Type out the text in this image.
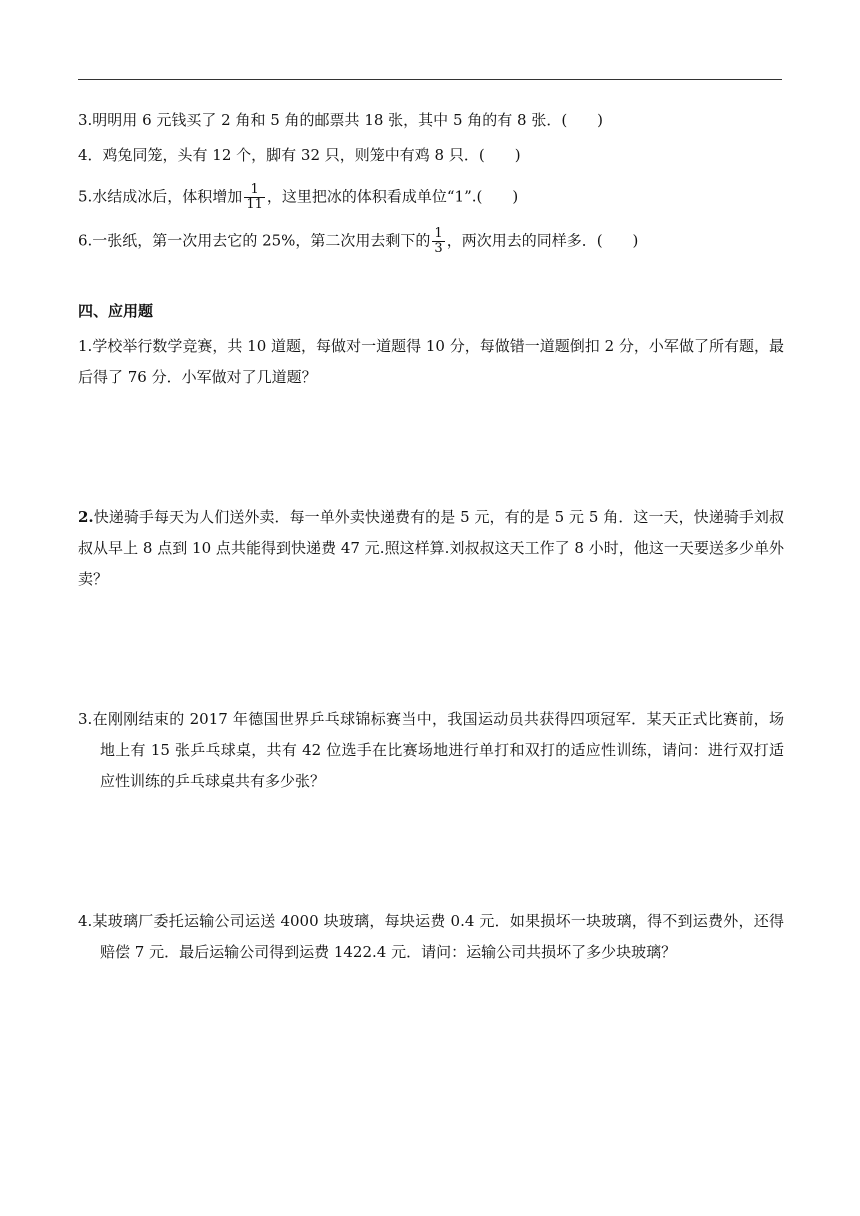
3.明明用 6 元钱买了 2 角和 5 角的邮票共 18 张，其中 5 角的有 8 张．(　　)
4．鸡兔同笼，头有 12 个，脚有 32 只，则笼中有鸡 8 只．(　　)
5.水结成冰后，体积增加 $\frac{1}{11}$ ，这里把冰的体积看成单位“1”.(　　)
6.一张纸，第一次用去它的 25%，第二次用去剩下的 $\frac{1}{3}$ ，两次用去的同样多．(　　)
四、应用题
1.学校举行数学竞赛，共 10 道题，每做对一道题得 10 分，每做错一道题倒扣 2 分，小军做了所有题，最后得了 76 分．小军做对了几道题？
2.快递骑手每天为人们送外卖．每一单外卖快递费有的是 5 元，有的是 5 元 5 角．这一天，快递骑手刘叔叔从早上 8 点到 10 点共能得到快递费 47 元.照这样算.刘叔叔这天工作了 8 小时，他这一天要送多少单外卖？
3.在刚刚结束的 2017 年德国世界乒乓球锦标赛当中，我国运动员共获得四项冠军．某天正式比赛前，场地上有 15 张乒乓球桌，共有 42 位选手在比赛场地进行单打和双打的适应性训练，请问：进行双打适应性训练的乒乓球桌共有多少张？
4.某玻璃厂委托运输公司运送 4000 块玻璃，每块运费 0.4 元．如果损坏一块玻璃，得不到运费外，还得赔偿 7 元．最后运输公司得到运费 1422.4 元．请问：运输公司共损坏了多少块玻璃？
